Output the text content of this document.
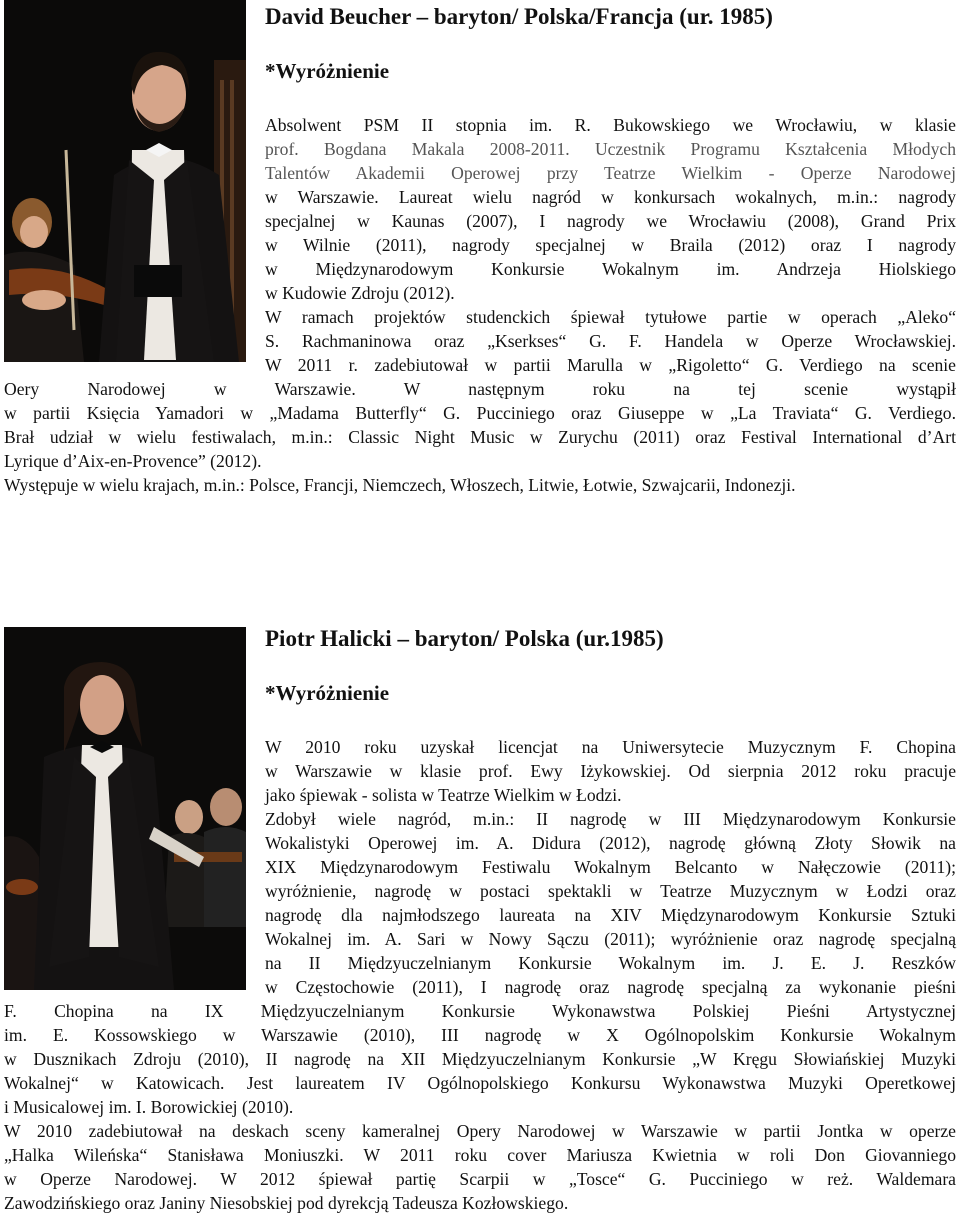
David Beucher – baryton/ Polska/Francja (ur. 1985)
*Wyróżnienie
Absolwent PSM II stopnia im. R. Bukowskiego we Wrocławiu, w klasie
prof. Bogdana Makala 2008-2011. Uczestnik Programu Kształcenia Młodych
Talentów Akademii Operowej przy Teatrze Wielkim - Operze Narodowej
w Warszawie. Laureat wielu nagród w konkursach wokalnych, m.in.: nagrody
specjalnej w Kaunas (2007), I nagrody we Wrocławiu (2008), Grand Prix
w Wilnie (2011), nagrody specjalnej w Braila (2012) oraz I nagrody
w Międzynarodowym Konkursie Wokalnym im. Andrzeja Hiolskiego
w Kudowie Zdroju (2012).
W ramach projektów studenckich śpiewał tytułowe partie w operach „Aleko“
S. Rachmaninowa oraz „Kserkses“ G. F. Handela w Operze Wrocławskiej.
W 2011 r. zadebiutował w partii Marulla w „Rigoletto“ G. Verdiego na scenie
Oery Narodowej w Warszawie. W następnym roku na tej scenie wystąpił
w partii Księcia Yamadori w „Madama Butterfly“ G. Pucciniego oraz Giuseppe w „La Traviata“ G. Verdiego.
Brał udział w wielu festiwalach, m.in.: Classic Night Music w Zurychu (2011) oraz Festival International d’Art
Lyrique d’Aix-en-Provence” (2012).
Występuje w wielu krajach, m.in.: Polsce, Francji, Niemczech, Włoszech, Litwie, Łotwie, Szwajcarii, Indonezji.
Piotr Halicki – baryton/ Polska (ur.1985)
*Wyróżnienie
W 2010 roku uzyskał licencjat na Uniwersytecie Muzycznym F. Chopina
w Warszawie w klasie prof. Ewy Iżykowskiej. Od sierpnia 2012 roku pracuje
jako śpiewak - solista w Teatrze Wielkim w Łodzi.
Zdobył wiele nagród, m.in.: II nagrodę w III Międzynarodowym Konkursie
Wokalistyki Operowej im. A. Didura (2012), nagrodę główną Złoty Słowik na
XIX Międzynarodowym Festiwalu Wokalnym Belcanto w Nałęczowie (2011);
wyróżnienie, nagrodę w postaci spektakli w Teatrze Muzycznym w Łodzi oraz
nagrodę dla najmłodszego laureata na XIV Międzynarodowym Konkursie Sztuki
Wokalnej im. A. Sari w Nowy Sączu (2011); wyróżnienie oraz nagrodę specjalną
na II Międzyuczelnianym Konkursie Wokalnym im. J. E. J. Reszków
w Częstochowie (2011), I nagrodę oraz nagrodę specjalną za wykonanie pieśni
F. Chopina na IX Międzyuczelnianym Konkursie Wykonawstwa Polskiej Pieśni Artystycznej
im. E. Kossowskiego w Warszawie (2010), III nagrodę w X Ogólnopolskim Konkursie Wokalnym
w Dusznikach Zdroju (2010), II nagrodę na XII Międzyuczelnianym Konkursie „W Kręgu Słowiańskiej Muzyki
Wokalnej“ w Katowicach. Jest laureatem IV Ogólnopolskiego Konkursu Wykonawstwa Muzyki Operetkowej
i Musicalowej im. I. Borowickiej (2010).
W 2010 zadebiutował na deskach sceny kameralnej Opery Narodowej w Warszawie w partii Jontka w operze
„Halka Wileńska“ Stanisława Moniuszki. W 2011 roku cover Mariusza Kwietnia w roli Don Giovanniego
w Operze Narodowej. W 2012 śpiewał partię Scarpii w „Tosce“ G. Pucciniego w reż. Waldemara
Zawodzińskiego oraz Janiny Niesobskiej pod dyrekcją Tadeusza Kozłowskiego.
